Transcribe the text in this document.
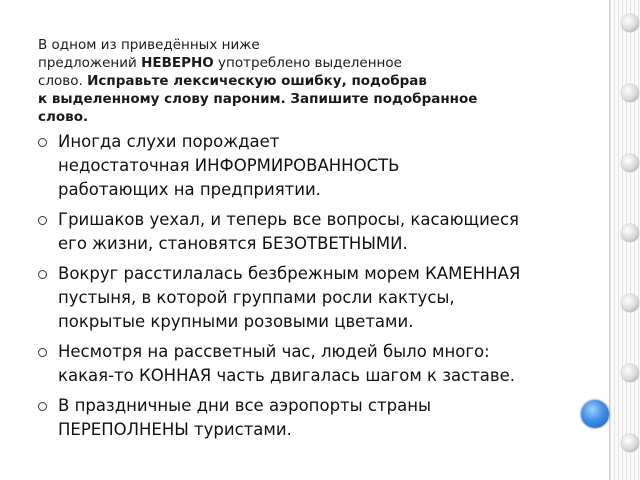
В одном из приведённых ниже
предложений НЕВЕРНО употреблено выделенное
слово. Исправьте лексическую ошибку, подобрав
к выделенному слову пароним. Запишите подобранное
слово.

Иногда слухи порождает
недостаточная ИНФОРМИРОВАННОСТЬ
работающих на предприятии.
Гришаков уехал, и теперь все вопросы, касающиеся
его жизни, становятся БЕЗОТВЕТНЫМИ.
Вокруг расстилалась безбрежным морем КАМЕННАЯ
пустыня, в которой группами росли кактусы,
покрытые крупными розовыми цветами.
Несмотря на рассветный час, людей было много:
какая-то КОННАЯ часть двигалась шагом к заставе.
В праздничные дни все аэропорты страны
ПЕРЕПОЛНЕНЫ туристами.
